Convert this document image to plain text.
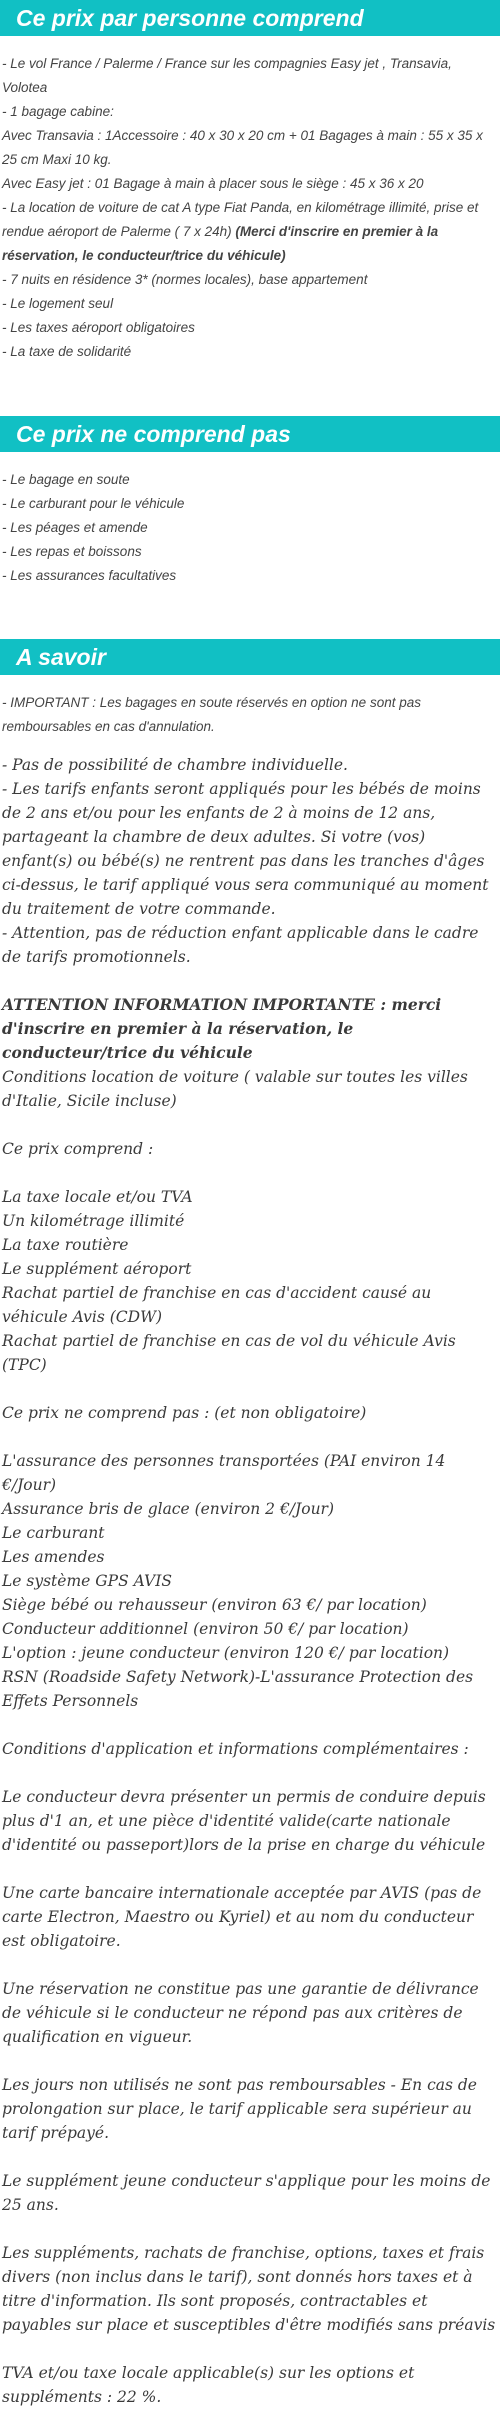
Ce prix par personne comprend
- Le vol France / Palerme / France sur les compagnies Easy jet , Transavia, Volotea
- 1 bagage cabine:
Avec Transavia : 1Accessoire : 40 x 30 x 20 cm + 01 Bagages à main : 55 x 35 x 25 cm Maxi 10 kg.
Avec Easy jet : 01 Bagage à main à placer sous le siège : 45 x 36 x 20
- La location de voiture de cat A type Fiat Panda, en kilométrage illimité, prise et rendue aéroport de Palerme ( 7 x 24h) (Merci d'inscrire en premier à la réservation, le conducteur/trice du véhicule)
- 7 nuits en résidence 3* (normes locales), base appartement
- Le logement seul
- Les taxes aéroport obligatoires
- La taxe de solidarité
Ce prix ne comprend pas
- Le bagage en soute
- Le carburant pour le véhicule
- Les péages et amende
- Les repas et boissons
- Les assurances facultatives
A savoir
- IMPORTANT : Les bagages en soute réservés en option ne sont pas remboursables en cas d'annulation.
- Pas de possibilité de chambre individuelle.
- Les tarifs enfants seront appliqués pour les bébés de moins de 2 ans et/ou pour les enfants de 2 à moins de 12 ans, partageant la chambre de deux adultes. Si votre (vos) enfant(s) ou bébé(s) ne rentrent pas dans les tranches d'âges ci-dessus, le tarif appliqué vous sera communiqué au moment du traitement de votre commande.
- Attention, pas de réduction enfant applicable dans le cadre de tarifs promotionnels.
ATTENTION INFORMATION IMPORTANTE : merci d'inscrire en premier à la réservation, le conducteur/trice du véhicule
Conditions location de voiture ( valable sur toutes les villes d'Italie, Sicile incluse)
Ce prix comprend :
La taxe locale et/ou TVA
Un kilométrage illimité
La taxe routière
Le supplément aéroport
Rachat partiel de franchise en cas d'accident causé au véhicule Avis (CDW)
Rachat partiel de franchise en cas de vol du véhicule Avis (TPC)
Ce prix ne comprend pas : (et non obligatoire)
L'assurance des personnes transportées (PAI environ 14 €/Jour)
Assurance bris de glace (environ 2 €/Jour)
Le carburant
Les amendes
Le système GPS AVIS
Siège bébé ou rehausseur (environ 63 €/ par location)
Conducteur additionnel (environ 50 €/ par location)
L'option : jeune conducteur (environ 120 €/ par location)
RSN (Roadside Safety Network)-L'assurance Protection des Effets Personnels
Conditions d'application et informations complémentaires :
Le conducteur devra présenter un permis de conduire depuis plus d'1 an, et une pièce d'identité valide(carte nationale d'identité ou passeport)lors de la prise en charge du véhicule
Une carte bancaire internationale acceptée par AVIS (pas de carte Electron, Maestro ou Kyriel) et au nom du conducteur est obligatoire.
Une réservation ne constitue pas une garantie de délivrance de véhicule si le conducteur ne répond pas aux critères de qualification en vigueur.
Les jours non utilisés ne sont pas remboursables - En cas de prolongation sur place, le tarif applicable sera supérieur au tarif prépayé.
Le supplément jeune conducteur s'applique pour les moins de 25 ans.
Les suppléments, rachats de franchise, options, taxes et frais divers (non inclus dans le tarif), sont donnés hors taxes et à titre d'information. Ils sont proposés, contractables et payables sur place et susceptibles d'être modifiés sans préavis
TVA et/ou taxe locale applicable(s) sur les options et suppléments : 22 %.
